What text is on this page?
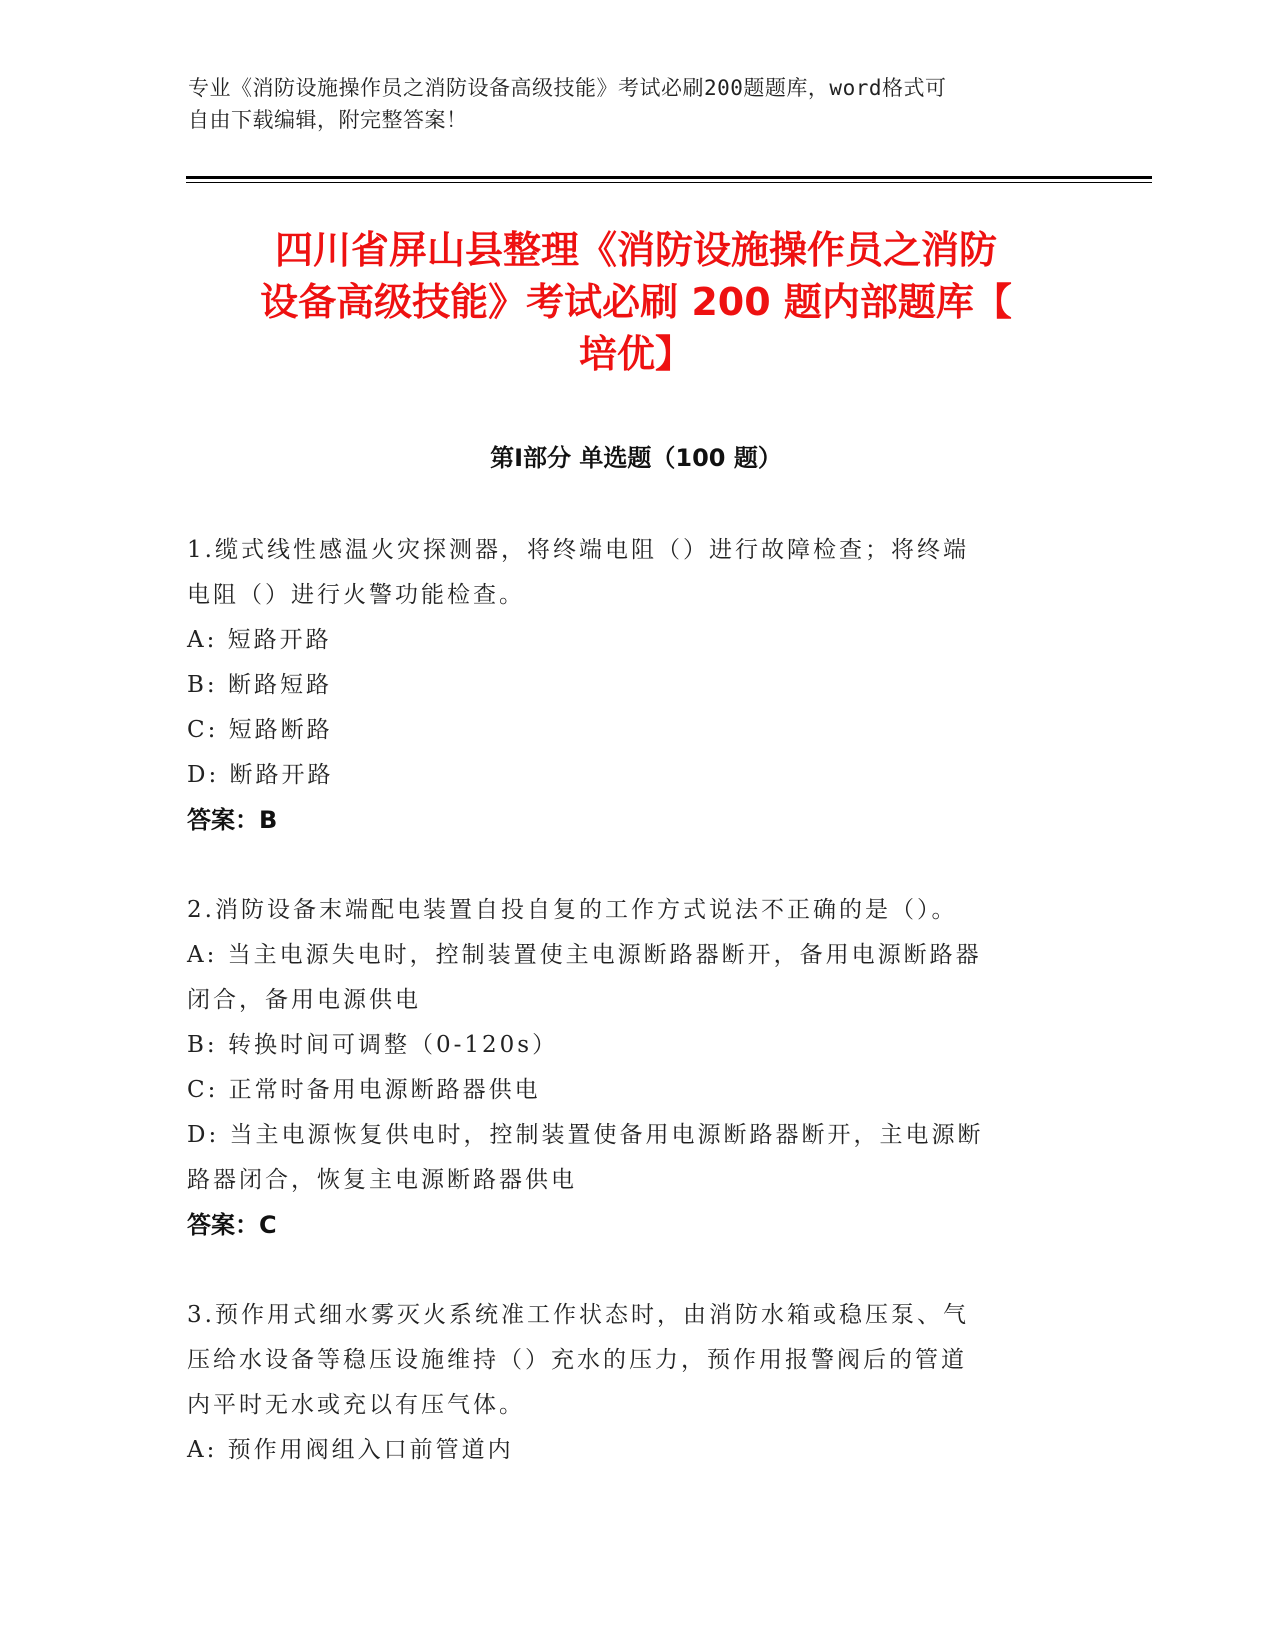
专业《消防设施操作员之消防设备高级技能》考试必刷200题题库，word格式可
自由下载编辑，附完整答案！
四川省屏山县整理《消防设施操作员之消防
设备高级技能》考试必刷 200 题内部题库【
培优】
第Ⅰ部分 单选题（100 题）
1.缆式线性感温火灾探测器，将终端电阻（）进行故障检查；将终端
电阻（）进行火警功能检查。
A: 短路开路
B: 断路短路
C: 短路断路
D: 断路开路
答案：B
2.消防设备末端配电装置自投自复的工作方式说法不正确的是（）。
A: 当主电源失电时，控制装置使主电源断路器断开，备用电源断路器
闭合，备用电源供电
B: 转换时间可调整（0-120s）
C: 正常时备用电源断路器供电
D: 当主电源恢复供电时，控制装置使备用电源断路器断开，主电源断
路器闭合，恢复主电源断路器供电
答案：C
3.预作用式细水雾灭火系统准工作状态时，由消防水箱或稳压泵、气
压给水设备等稳压设施维持（）充水的压力，预作用报警阀后的管道
内平时无水或充以有压气体。
A: 预作用阀组入口前管道内
